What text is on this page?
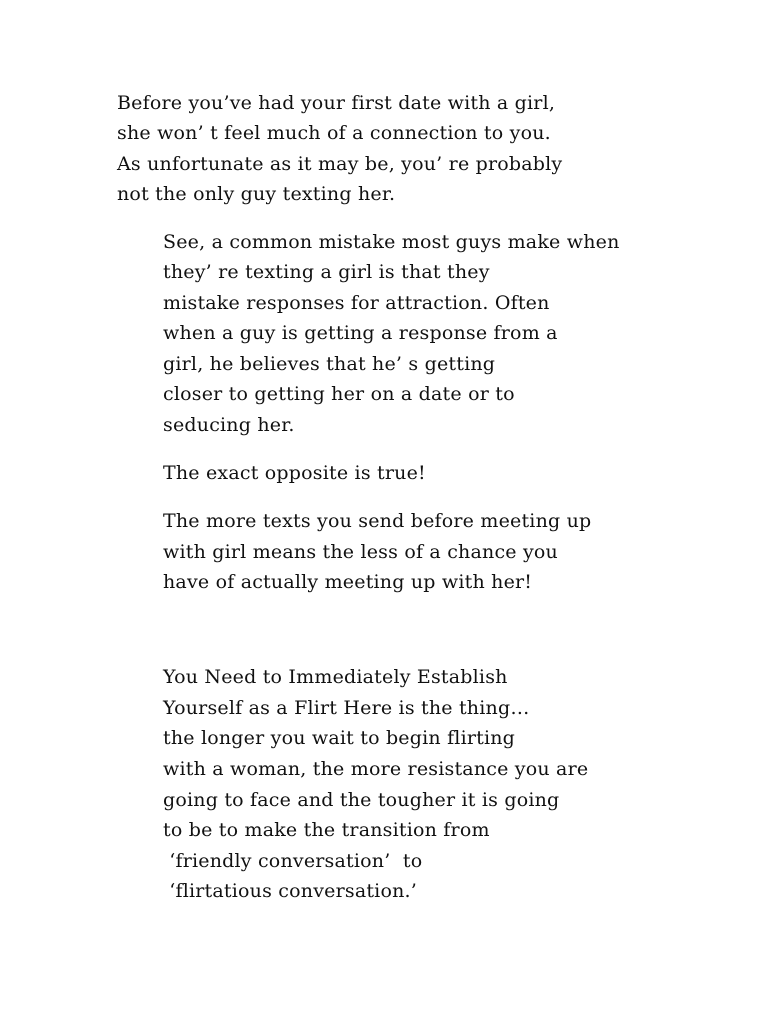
Before you’ve had your first date with a girl,
she won’ t feel much of a connection to you.
As unfortunate as it may be, you’ re probably
not the only guy texting her.
See, a common mistake most guys make when
they’ re texting a girl is that they
mistake responses for attraction. Often
when a guy is getting a response from a
girl, he believes that he’ s getting
closer to getting her on a date or to
seducing her.
The exact opposite is true!
The more texts you send before meeting up
with girl means the less of a chance you
have of actually meeting up with her!
You Need to Immediately Establish
Yourself as a Flirt Here is the thing…
the longer you wait to begin flirting
with a woman, the more resistance you are
going to face and the tougher it is going
to be to make the transition from
‘friendly conversation’  to
‘flirtatious conversation.’
